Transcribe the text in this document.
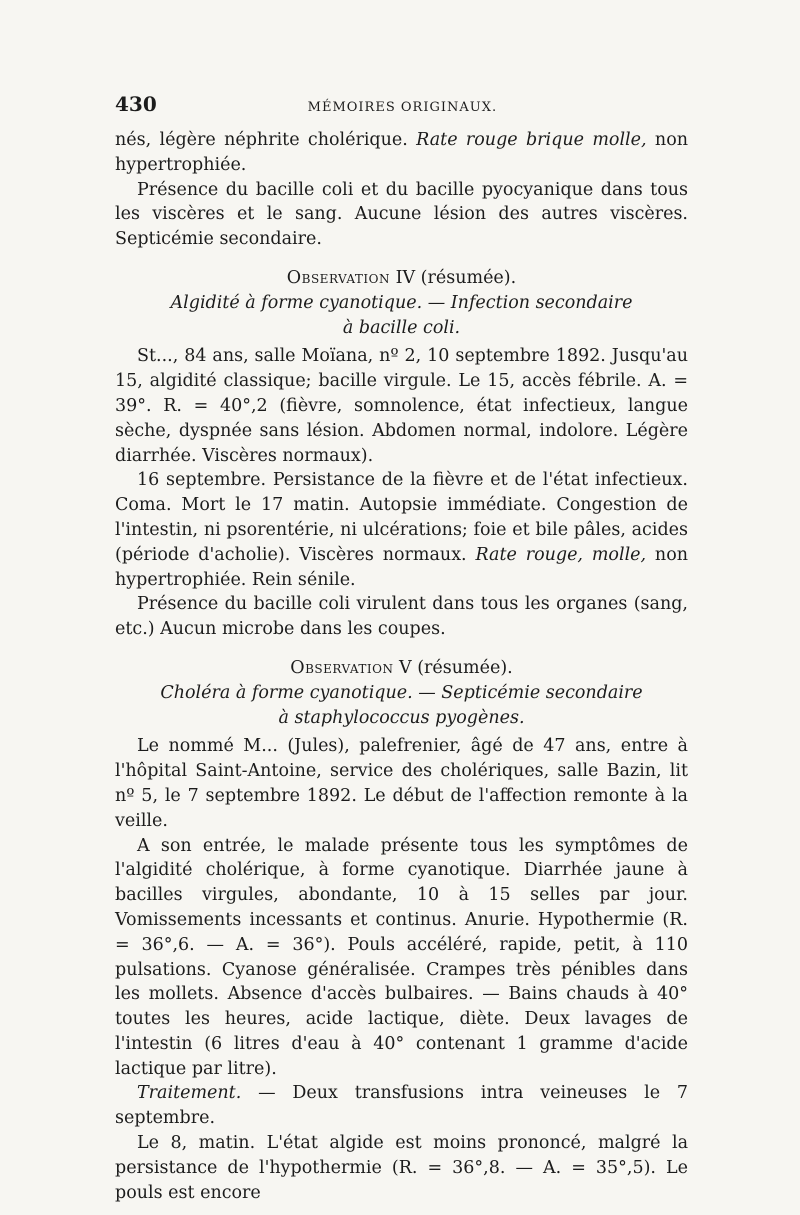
430	MÉMOIRES ORIGINAUX.

nés, légère néphrite cholérique. Rate rouge brique molle, non hypertrophiée.

Présence du bacille coli et du bacille pyocyanique dans tous les viscères et le sang. Aucune lésion des autres viscères. Septicémie secondaire.

Observation IV (résumée).
Algidité à forme cyanotique. — Infection secondaire
à bacille coli.

St..., 84 ans, salle Moïana, nº 2, 10 septembre 1892. Jusqu'au 15, algidité classique; bacille virgule. Le 15, accès fébrile. A. = 39°. R. = 40°,2 (fièvre, somnolence, état infectieux, langue sèche, dyspnée sans lésion. Abdomen normal, indolore. Légère diarrhée. Viscères normaux).

16 septembre. Persistance de la fièvre et de l'état infectieux. Coma. Mort le 17 matin. Autopsie immédiate. Congestion de l'intestin, ni psorentérie, ni ulcérations; foie et bile pâles, acides (période d'acholie). Viscères normaux. Rate rouge, molle, non hypertrophiée. Rein sénile.

Présence du bacille coli virulent dans tous les organes (sang, etc.) Aucun microbe dans les coupes.

Observation V (résumée).
Choléra à forme cyanotique. — Septicémie secondaire
à staphylococcus pyogènes.

Le nommé M... (Jules), palefrenier, âgé de 47 ans, entre à l'hôpital Saint-Antoine, service des cholériques, salle Bazin, lit nº 5, le 7 septembre 1892. Le début de l'affection remonte à la veille.

A son entrée, le malade présente tous les symptômes de l'algidité cholérique, à forme cyanotique. Diarrhée jaune à bacilles virgules, abondante, 10 à 15 selles par jour. Vomissements incessants et continus. Anurie. Hypothermie (R. = 36°,6. — A. = 36°). Pouls accéléré, rapide, petit, à 110 pulsations. Cyanose généralisée. Crampes très pénibles dans les mollets. Absence d'accès bulbaires. — Bains chauds à 40° toutes les heures, acide lactique, diète. Deux lavages de l'intestin (6 litres d'eau à 40° contenant 1 gramme d'acide lactique par litre).

Traitement. — Deux transfusions intra veineuses le 7 septembre.

Le 8, matin. L'état algide est moins prononcé, malgré la persistance de l'hypothermie (R. = 36°,8. — A. = 35°,5). Le pouls est encore
